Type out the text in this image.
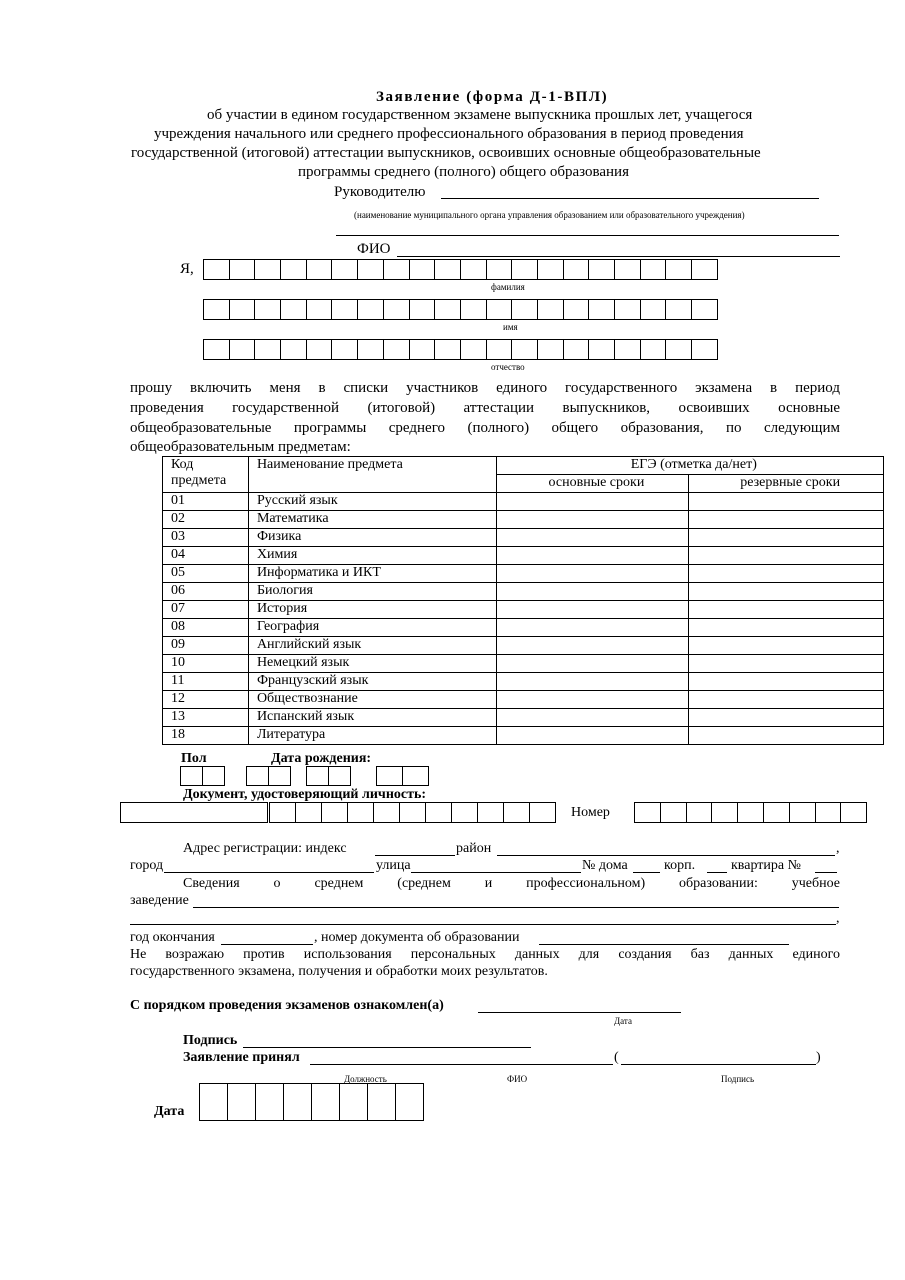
Заявление (форма Д-1-ВПЛ)
об участии в едином государственном экзамене выпускника прошлых лет, учащегося
учреждения начального или среднего профессионального образования в период проведения
государственной (итоговой) аттестации выпускников, освоивших основные общеобразовательные
программы среднего (полного) общего образования
Руководителю
(наименование муниципального органа управления образованием или образовательного учреждения)
ФИО
Я,
фамилия
имя
отчество
прошу включить меня в списки участников единого государственного экзамена в период
проведения государственной (итоговой) аттестации выпускников, освоивших основные
общеобразовательные программы среднего (полного) общего образования, по следующим
общеобразовательным предметам:
Код
предмета	Наименование предмета	ЕГЭ (отметка да/нет)	
		основные сроки	резервные сроки
01	Русский язык		
02	Математика		
03	Физика		
04	Химия		
05	Информатика и ИКТ		
06	Биология		
07	История		
08	География		
09	Английский язык		
10	Немецкий язык		
11	Французский язык		
12	Обществознание		
13	Испанский язык		
18	Литература		
Пол	Дата рождения:
Документ, удостоверяющий личность:
Номер
Адрес регистрации: индекс	район	,
город	улица	№ дома	корп.	квартира №
Сведения о среднем (среднем и профессиональном) образовании: учебное
заведение
,
год окончания	, номер документа об образовании
Не возражаю против использования персональных данных для создания баз данных единого
государственного экзамена, получения и обработки моих результатов.
С порядком проведения экзаменов ознакомлен(а)
Дата
Подпись
Заявление принял	(	)
Должность	ФИО	Подпись
Дата
